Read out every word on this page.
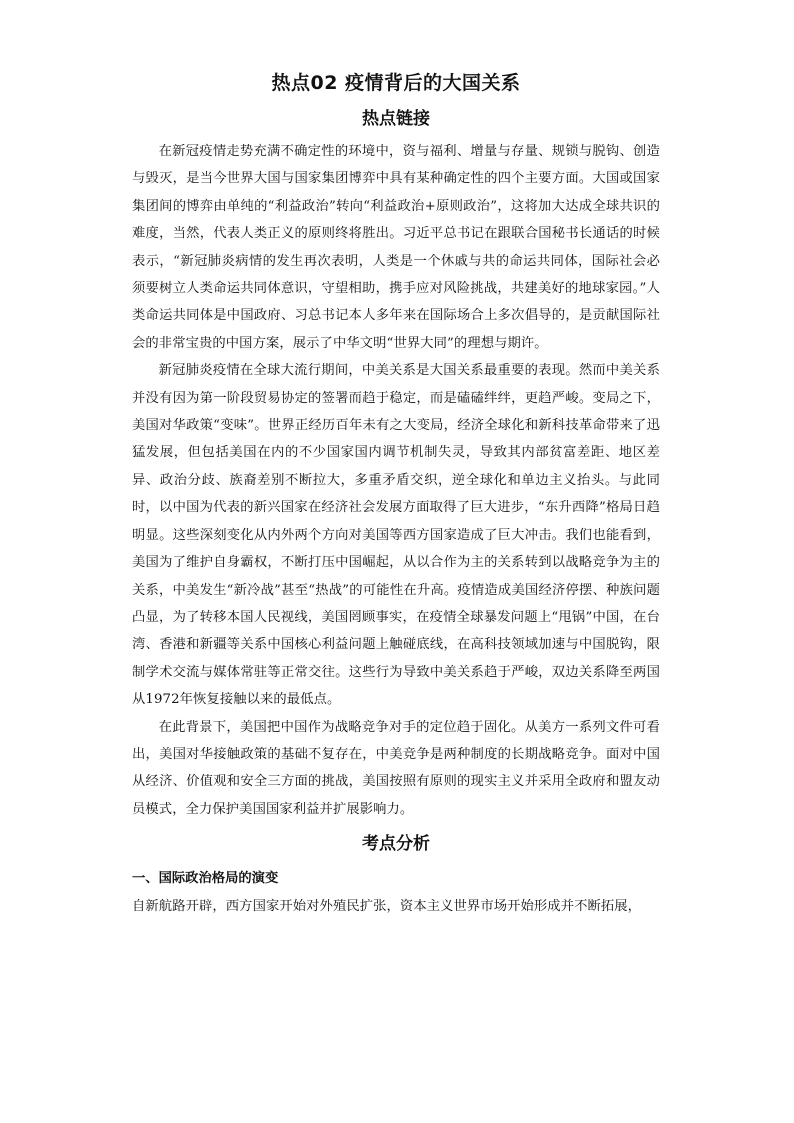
热点02 疫情背后的大国关系
热点链接

在新冠疫情走势充满不确定性的环境中，资与福利、增量与存量、规锁与脱钩、创造与毁灭，是当今世界大国与国家集团博弈中具有某种确定性的四个主要方面。大国或国家集团间的博弈由单纯的“利益政治”转向“利益政治+原则政治”，这将加大达成全球共识的难度，当然，代表人类正义的原则终将胜出。习近平总书记在跟联合国秘书长通话的时候表示，“新冠肺炎病情的发生再次表明，人类是一个休戚与共的命运共同体，国际社会必须要树立人类命运共同体意识，守望相助，携手应对风险挑战，共建美好的地球家园。”人类命运共同体是中国政府、习总书记本人多年来在国际场合上多次倡导的，是贡献国际社会的非常宝贵的中国方案，展示了中华文明“世界大同”的理想与期许。

新冠肺炎疫情在全球大流行期间，中美关系是大国关系最重要的表现。然而中美关系并没有因为第一阶段贸易协定的签署而趋于稳定，而是磕磕绊绊，更趋严峻。变局之下，美国对华政策“变味”。世界正经历百年未有之大变局，经济全球化和新科技革命带来了迅猛发展，但包括美国在内的不少国家国内调节机制失灵，导致其内部贫富差距、地区差异、政治分歧、族裔差别不断拉大，多重矛盾交织，逆全球化和单边主义抬头。与此同时，以中国为代表的新兴国家在经济社会发展方面取得了巨大进步，“东升西降”格局日趋明显。这些深刻变化从内外两个方向对美国等西方国家造成了巨大冲击。我们也能看到，美国为了维护自身霸权，不断打压中国崛起，从以合作为主的关系转到以战略竞争为主的关系，中美发生“新冷战”甚至“热战”的可能性在升高。疫情造成美国经济停摆、种族问题凸显，为了转移本国人民视线，美国罔顾事实，在疫情全球暴发问题上“甩锅”中国，在台湾、香港和新疆等关系中国核心利益问题上触碰底线，在高科技领域加速与中国脱钩，限制学术交流与媒体常驻等正常交往。这些行为导致中美关系趋于严峻，双边关系降至两国从1972年恢复接触以来的最低点。

在此背景下，美国把中国作为战略竞争对手的定位趋于固化。从美方一系列文件可看出，美国对华接触政策的基础不复存在，中美竞争是两种制度的长期战略竞争。面对中国从经济、价值观和安全三方面的挑战，美国按照有原则的现实主义并采用全政府和盟友动员模式，全力保护美国国家利益并扩展影响力。

考点分析
一、国际政治格局的演变

自新航路开辟，西方国家开始对外殖民扩张，资本主义世界市场开始形成并不断拓展，
